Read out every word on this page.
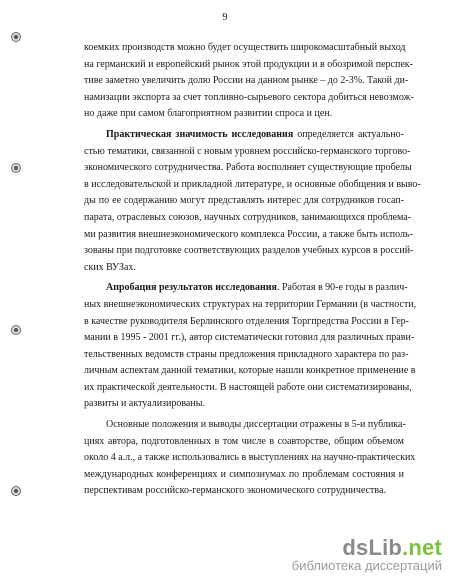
9
коемких производств можно будет осуществить широкомасштабный выход
на германский и европейский рынок этой продукции и в обозримой перспек-
тиве заметно увеличить долю России на данном рынке – до 2-3%. Такой ди-
намизации экспорта за счет топливно-сырьевого сектора добиться невозмож-
но даже при самом благоприятном развитии спроса и цен.
Практическая значимость исследования определяется актуально-
стью тематики, связанной с новым уровнем российско-германского торгово-
экономического сотрудничества. Работа восполняет существующие пробелы
в исследовательской и прикладной литературе, и основные обобщения и выво-
ды по ее содержанию могут представлять интерес для сотрудников госап-
парата, отраслевых союзов, научных сотрудников, занимающихся проблема-
ми развития внешнеэкономического комплекса России, а также быть исполь-
зованы при подготовке соответствующих разделов учебных курсов в россий-
ских ВУЗах.
Апробация результатов исследования. Работая в 90-е годы в различ-
ных внешнеэкономических структурах на территории Германии (в частности,
в качестве руководителя Берлинского отделения Торгпредства России в Гер-
мании в 1995 - 2001 гг.), автор систематически готовил для различных прави-
тельственных ведомств страны предложения прикладного характера по раз-
личным аспектам данной тематики, которые нашли конкретное применение в
их практической деятельности. В настоящей работе они систематизированы,
развиты и актуализированы.
Основные положения и выводы диссертации отражены в 5-и публика-
циях автора, подготовленных в том числе в соавторстве, общим объемом
около 4 а.л., а также использовались в выступлениях на научно-практических
международных конференциях и симпозиумах по проблемам состояния и
перспективам российско-германского экономического сотрудничества.
dsLib.net
библиотека диссертаций
